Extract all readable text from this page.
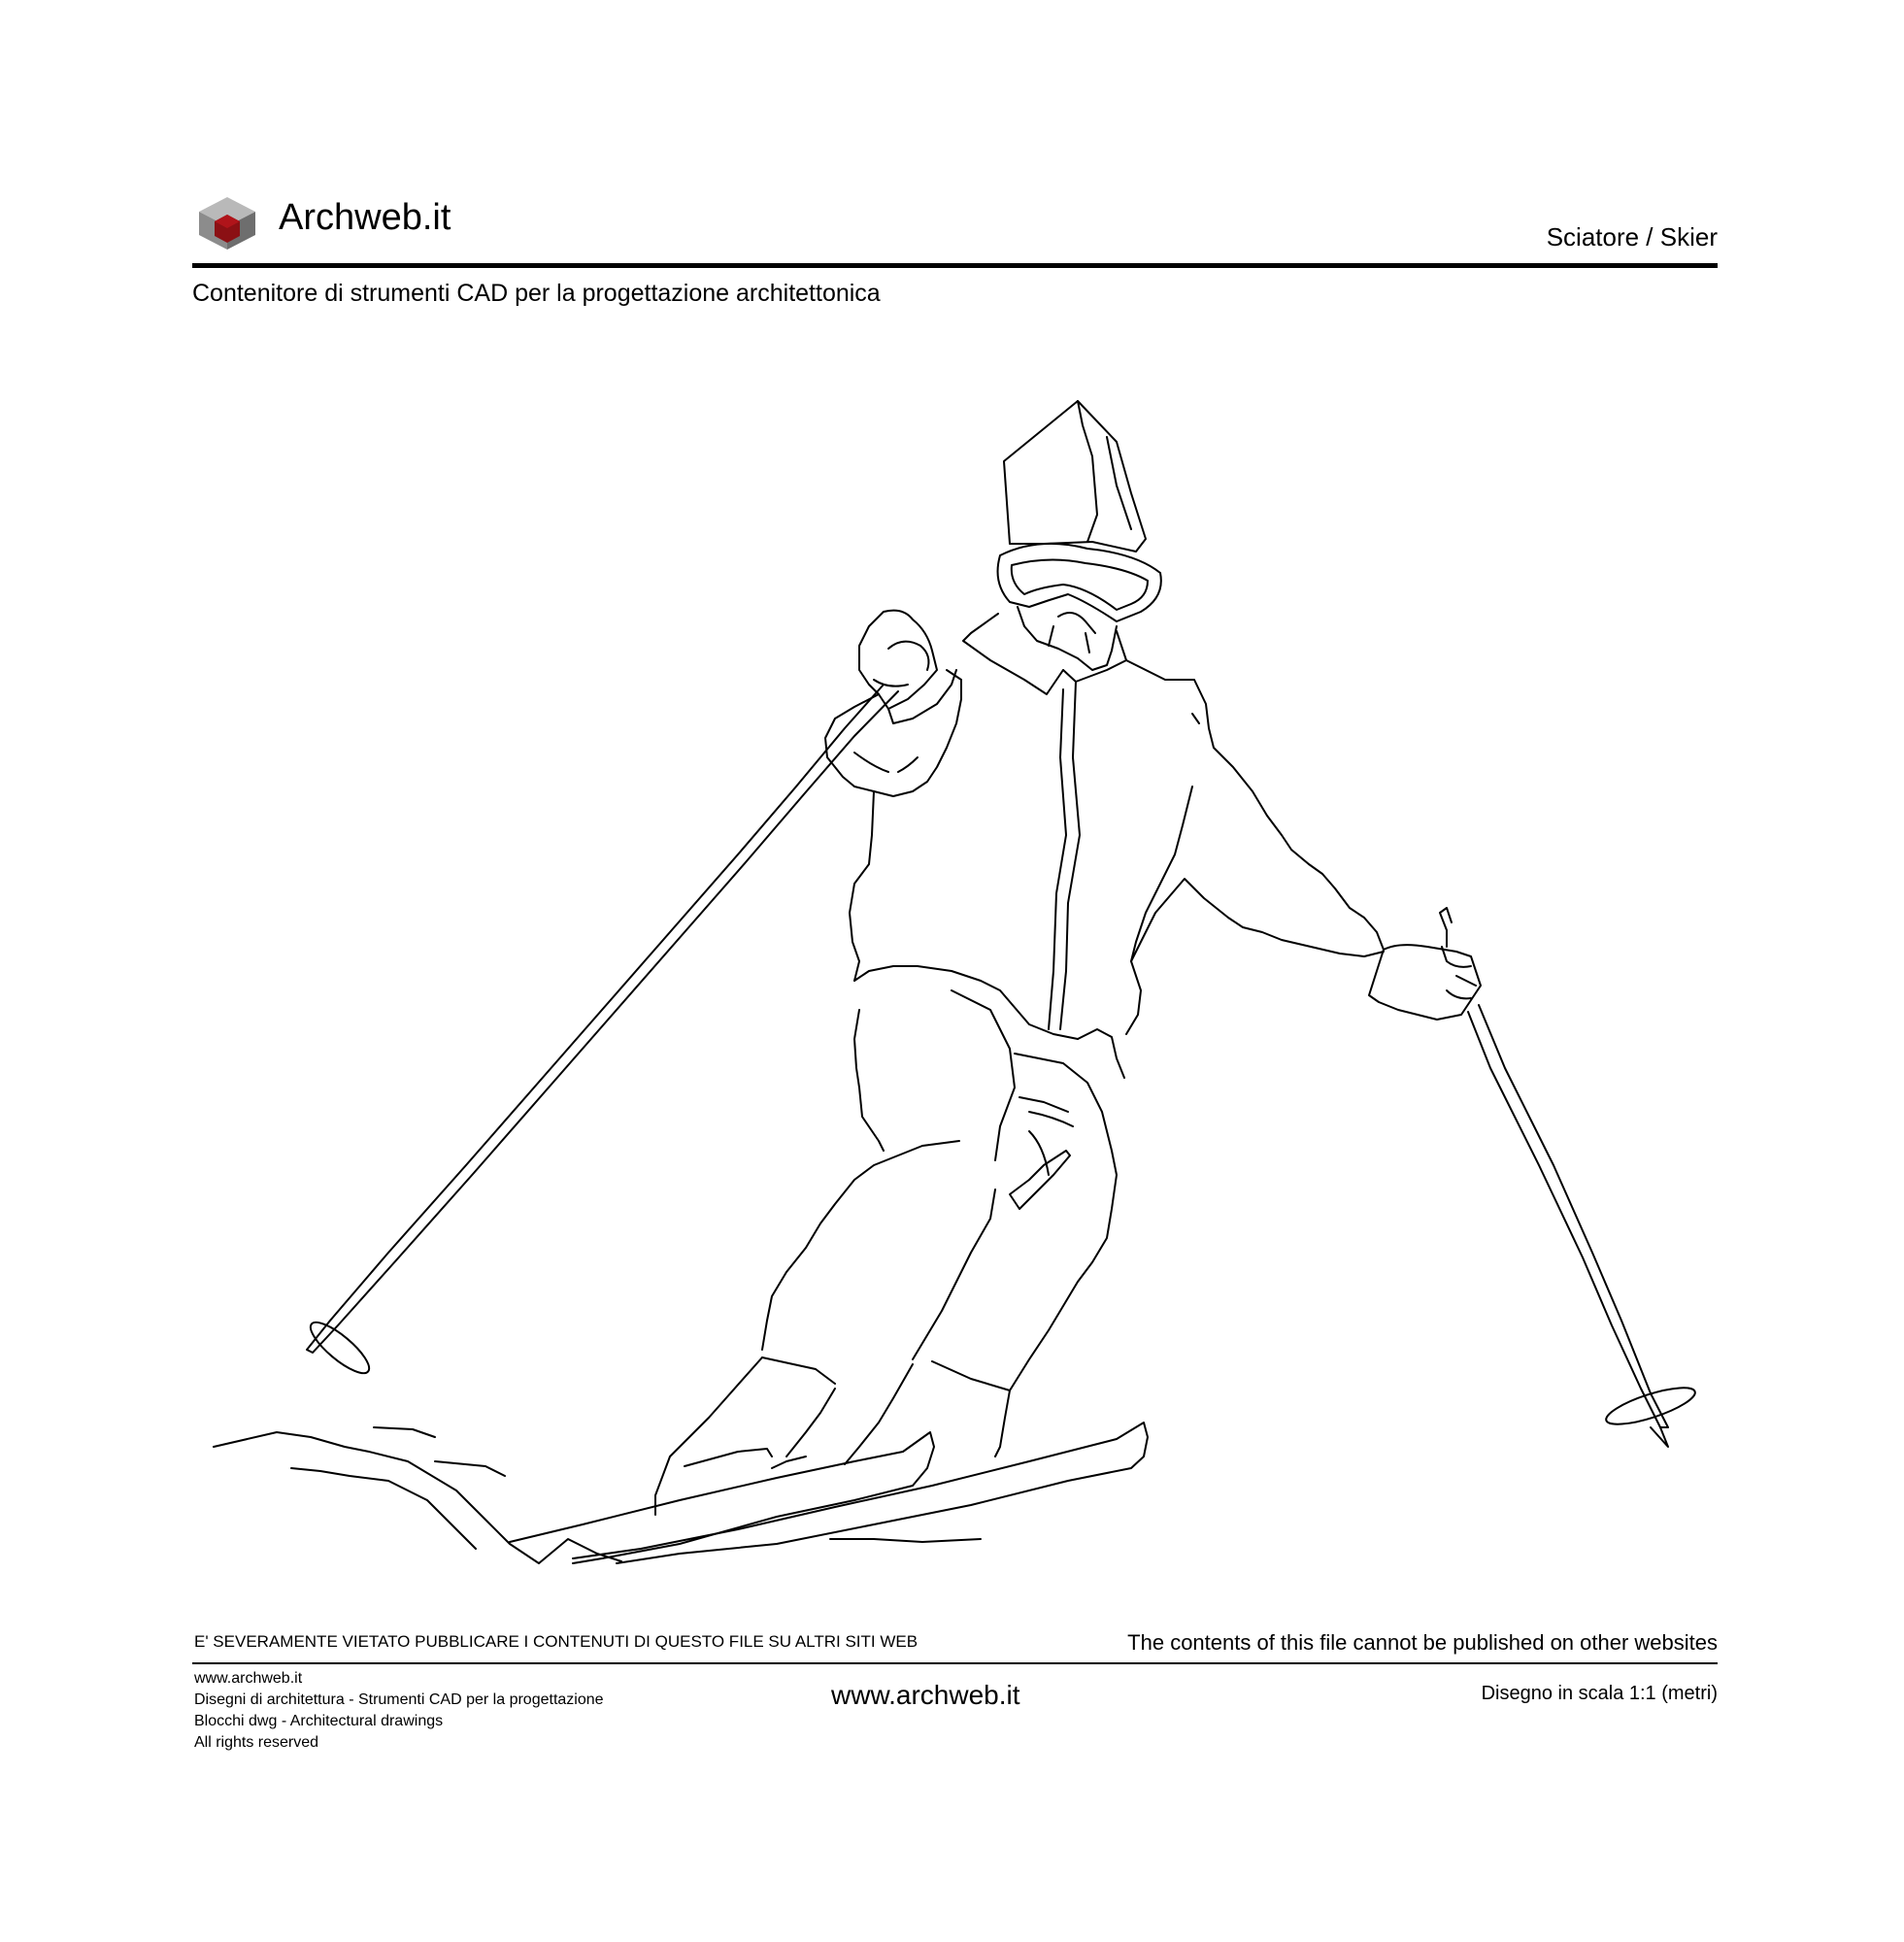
Archweb.it	Sciatore / Skier
Contenitore di strumenti CAD per la progettazione architettonica
E' SEVERAMENTE VIETATO PUBBLICARE I CONTENUTI DI QUESTO FILE SU ALTRI SITI WEB	The contents of this file cannot be published on other websites
www.archweb.it
Disegni di architettura - Strumenti CAD per la progettazione
Blocchi dwg - Architectural drawings
All rights reserved
www.archweb.it	Disegno in scala 1:1 (metri)
